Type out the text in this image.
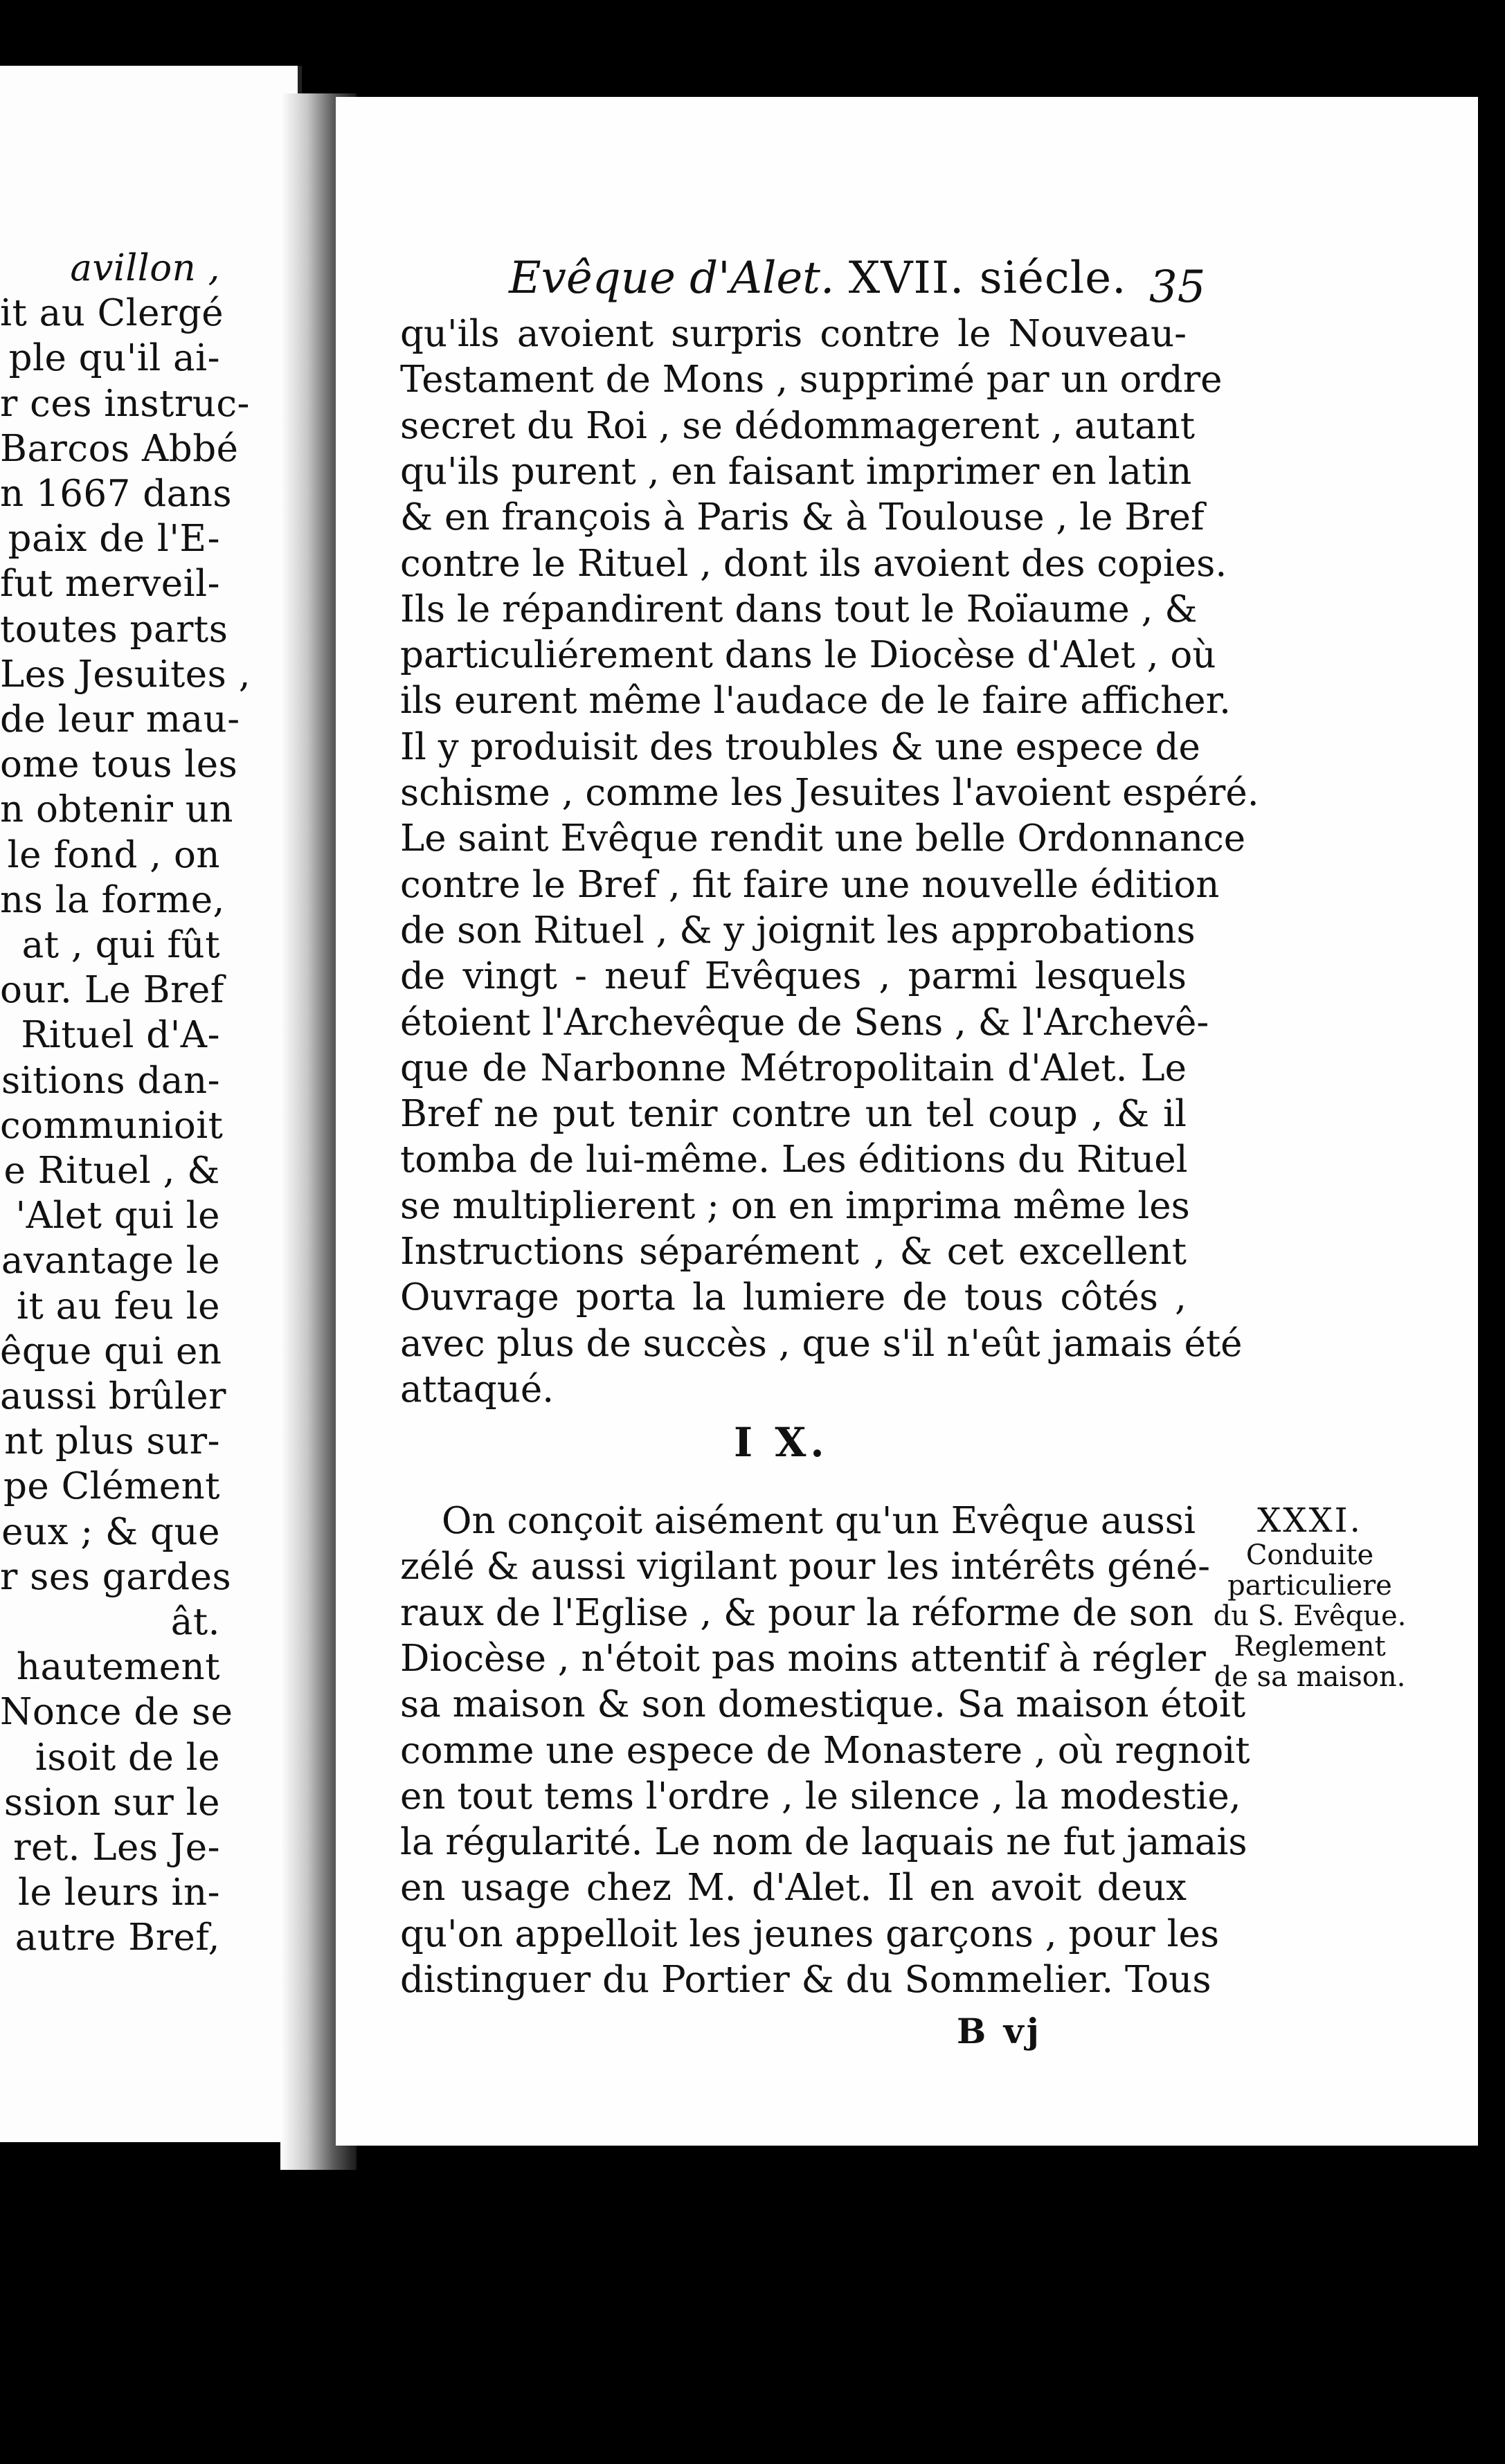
avillon ,
it au Clergé
ple qu'il ai-
r ces instruc-
Barcos Abbé
n 1667 dans
paix de l'E-
fut merveil-
toutes parts
Les Jesuites ,
de leur mau-
ome tous les
n obtenir un
le fond , on
ns la forme,
at , qui fût
our. Le Bref
Rituel d'A-
sitions dan-
communioit
e Rituel , &
'Alet qui le
avantage le
it au feu le
êque qui en
aussi brûler
nt plus sur-
pe Clément
eux ; & que
r ses gardes
ât.
hautement
Nonce de se
isoit de le
ssion sur le
ret. Les Je-
le leurs in-
autre Bref,
Evêque d'Alet. XVII. siécle. 35
qu'ils avoient surpris contre le Nouveau-
Testament de Mons , supprimé par un ordre
secret du Roi , se dédommagerent , autant
qu'ils purent , en faisant imprimer en latin
& en françois à Paris & à Toulouse , le Bref
contre le Rituel , dont ils avoient des copies.
Ils le répandirent dans tout le Roïaume , &
particuliérement dans le Diocèse d'Alet , où
ils eurent même l'audace de le faire afficher.
Il y produisit des troubles & une espece de
schisme , comme les Jesuites l'avoient espéré.
Le saint Evêque rendit une belle Ordonnance
contre le Bref , fit faire une nouvelle édition
de son Rituel , & y joignit les approbations
de vingt - neuf Evêques , parmi lesquels
étoient l'Archevêque de Sens , & l'Archevê-
que de Narbonne Métropolitain d'Alet. Le
Bref ne put tenir contre un tel coup , & il
tomba de lui-même. Les éditions du Rituel
se multiplierent ; on en imprima même les
Instructions séparément , & cet excellent
Ouvrage porta la lumiere de tous côtés ,
avec plus de succès , que s'il n'eût jamais été
attaqué.
I X.
On conçoit aisément qu'un Evêque aussi
zélé & aussi vigilant pour les intérêts géné-
raux de l'Eglise , & pour la réforme de son
Diocèse , n'étoit pas moins attentif à régler
sa maison & son domestique. Sa maison étoit
comme une espece de Monastere , où regnoit
en tout tems l'ordre , le silence , la modestie,
la régularité. Le nom de laquais ne fut jamais
en usage chez M. d'Alet. Il en avoit deux
qu'on appelloit les jeunes garçons , pour les
distinguer du Portier & du Sommelier. Tous
XXXI.
Conduite
particuliere
du S. Evêque.
Reglement
de sa maison.
B vj
